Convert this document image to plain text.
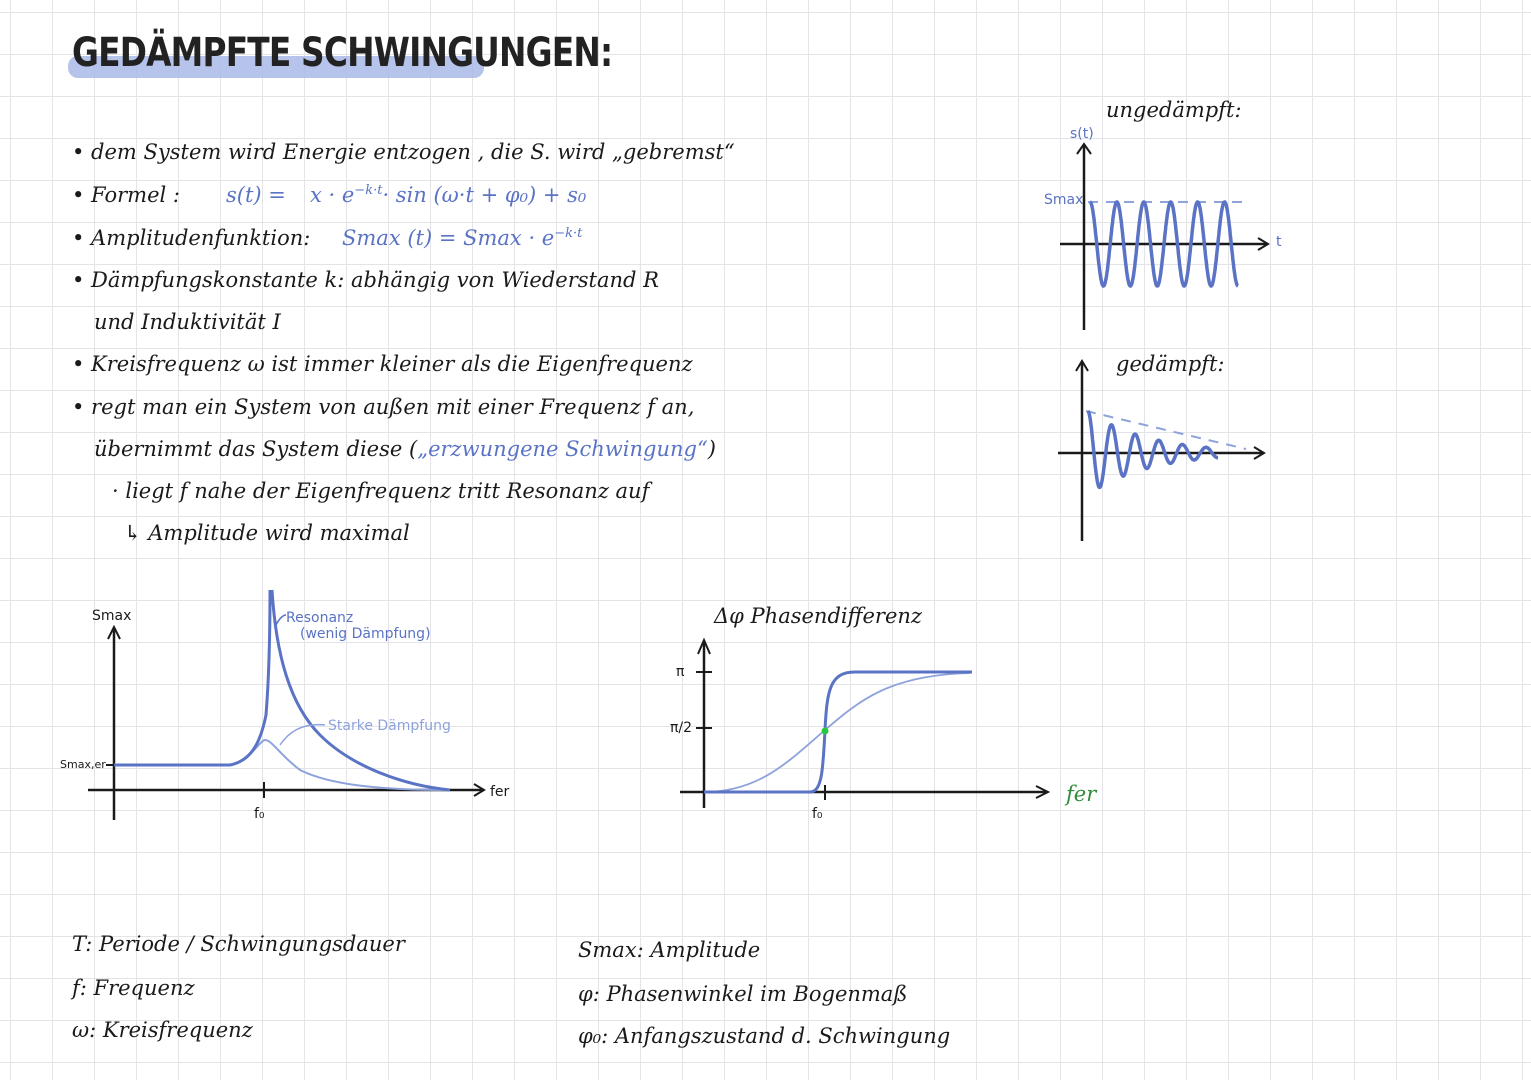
GEDÄMPFTE SCHWINGUNGEN:
• dem System wird Energie entzogen , die S. wird „gebremst“
• Formel : $s(t) = x \cdot e^{-k\cdot t}\cdot \sin (\omega\cdot t + \varphi_0) + s_0$
• Amplitudenfunktion: Smax $(t) = Smax \cdot e^{-k\cdot t}$
• Dämpfungskonstante k: abhängig von Wiederstand R
und Induktivität I
• Kreisfrequenz ω ist immer kleiner als die Eigenfrequenz
• regt man ein System von außen mit einer Frequenz f an,
übernimmt das System diese („erzwungene Schwingung“)
· liegt f nahe der Eigenfrequenz tritt Resonanz auf
↳ Amplitude wird maximal
ungedämpft:
s(t)
Smax
t
gedämpft:
Smax
Smax,er
f₀
fer
Resonanz
(wenig Dämpfung)
Starke Dämpfung
Δφ Phasendifferenz
π
π/2
f₀
fer
T: Periode / Schwingungsdauer
f: Frequenz
ω: Kreisfrequenz
Smax: Amplitude
φ: Phasenwinkel im Bogenmaß
φ₀: Anfangszustand d. Schwingung
